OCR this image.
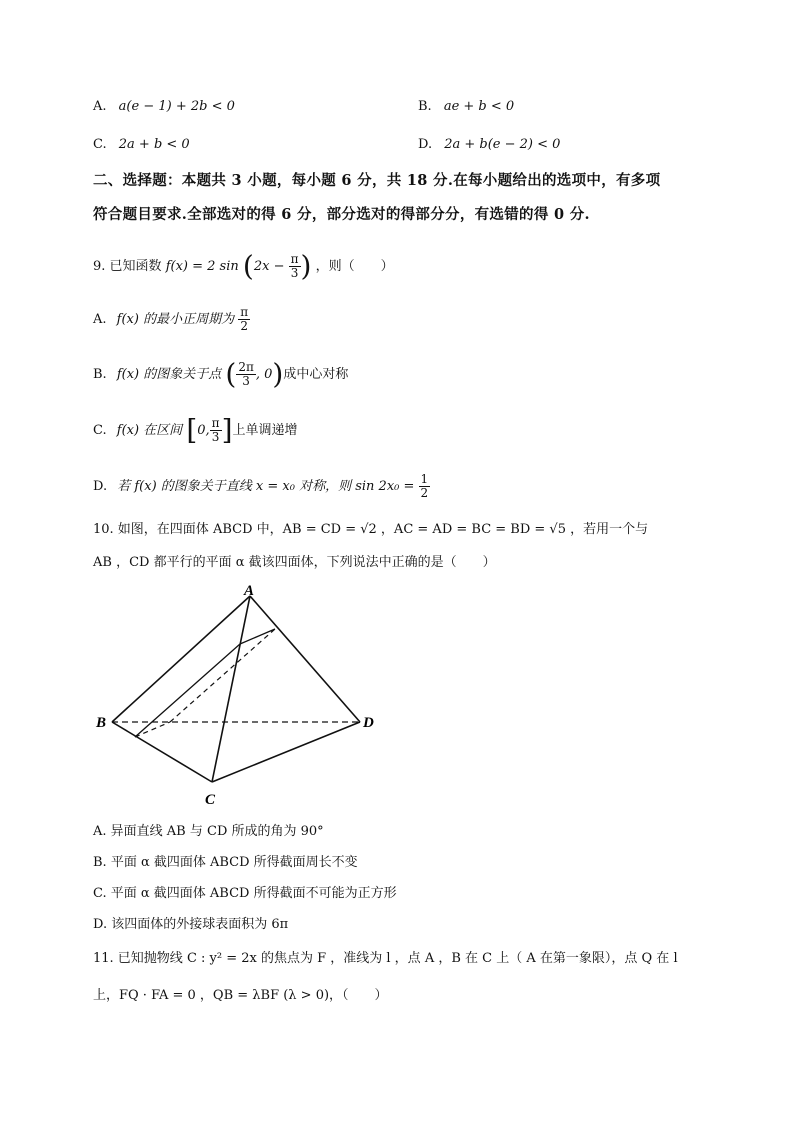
A. a(e − 1) + 2b < 0	B. ae + b < 0
C. 2a + b < 0	D. 2a + b(e − 2) < 0
二、选择题：本题共 3 小题，每小题 6 分，共 18 分.在每小题给出的选项中，有多项
符合题目要求.全部选对的得 6 分，部分选对的得部分分，有选错的得 0 分.
9. 已知函数 f(x) = 2 $\sin (2x - \frac{\pi}{3}$ ) ，则（　　）
A. f(x) 的最小正周期为 $\frac{\pi}{2}$
B. f(x) 的图象关于点 ( $\frac{2\pi}{3}$ , 0)成中心对称
C. f(x) 在区间 [0, $\frac{\pi}{3}$ ]上单调递增
D. 若 f(x) 的图象关于直线 x = x₀ 对称，则 $\sin 2x_0 = \frac{1}{2}$
10. 如图，在四面体 ABCD 中，AB = CD = √2 ，AC = AD = BC = BD = √5 ，若用一个与
AB ，CD 都平行的平面 α 截该四面体，下列说法中正确的是（　　）
A
B
C
D
A. 异面直线 AB 与 CD 所成的角为 90°
B. 平面 α 截四面体 ABCD 所得截面周长不变
C. 平面 α 截四面体 ABCD 所得截面不可能为正方形
D. 该四面体的外接球表面积为 6π
11. 已知抛物线 C : y² = 2x 的焦点为 F ，准线为 l ，点 A ，B 在 C 上（ A 在第一象限），点 Q 在 l
上，FQ · FA = 0 ，QB = λBF (λ > 0)，（　　）
